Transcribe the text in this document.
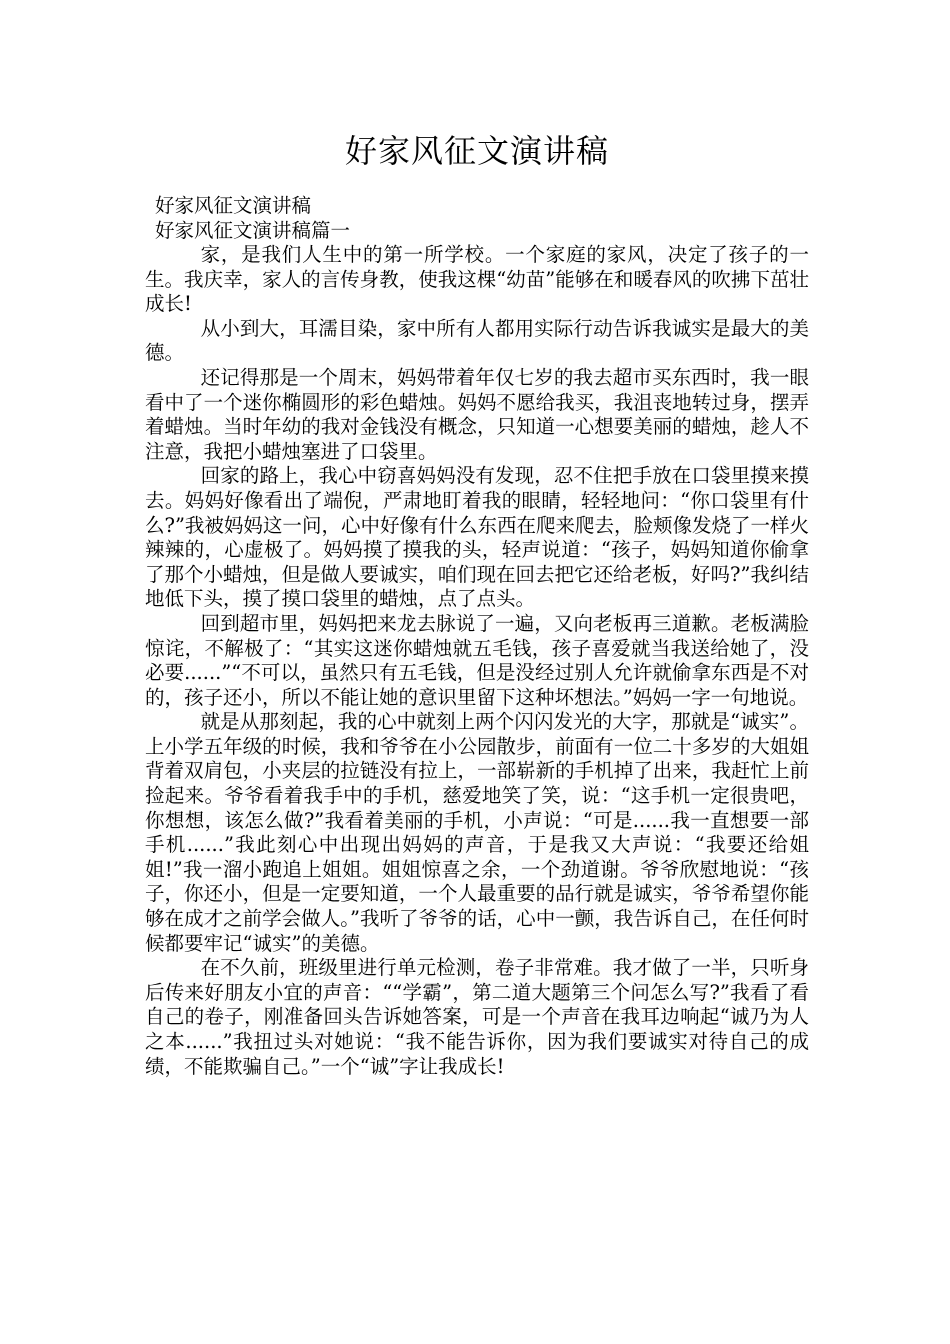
好家风征文演讲稿
好家风征文演讲稿
好家风征文演讲稿篇一

家，是我们人生中的第一所学校。一个家庭的家风，决定了孩子的一生。我庆幸，家人的言传身教，使我这棵“幼苗”能够在和暖春风的吹拂下茁壮成长!

从小到大，耳濡目染，家中所有人都用实际行动告诉我诚实是最大的美德。

还记得那是一个周末，妈妈带着年仅七岁的我去超市买东西时，我一眼看中了一个迷你椭圆形的彩色蜡烛。妈妈不愿给我买，我沮丧地转过身，摆弄着蜡烛。当时年幼的我对金钱没有概念，只知道一心想要美丽的蜡烛，趁人不注意，我把小蜡烛塞进了口袋里。

回家的路上，我心中窃喜妈妈没有发现，忍不住把手放在口袋里摸来摸去。妈妈好像看出了端倪，严肃地盯着我的眼睛，轻轻地问：“你口袋里有什么?”我被妈妈这一问，心中好像有什么东西在爬来爬去，脸颊像发烧了一样火辣辣的，心虚极了。妈妈摸了摸我的头，轻声说道：“孩子，妈妈知道你偷拿了那个小蜡烛，但是做人要诚实，咱们现在回去把它还给老板，好吗?”我纠结地低下头，摸了摸口袋里的蜡烛，点了点头。

回到超市里，妈妈把来龙去脉说了一遍，又向老板再三道歉。老板满脸惊诧，不解极了：“其实这迷你蜡烛就五毛钱，孩子喜爱就当我送给她了，没必要......”“不可以，虽然只有五毛钱，但是没经过别人允许就偷拿东西是不对的，孩子还小，所以不能让她的意识里留下这种坏想法。”妈妈一字一句地说。

就是从那刻起，我的心中就刻上两个闪闪发光的大字，那就是“诚实”。上小学五年级的时候，我和爷爷在小公园散步，前面有一位二十多岁的大姐姐背着双肩包，小夹层的拉链没有拉上，一部崭新的手机掉了出来，我赶忙上前捡起来。爷爷看着我手中的手机，慈爱地笑了笑，说：“这手机一定很贵吧，你想想，该怎么做?”我看着美丽的手机，小声说：“可是......我一直想要一部手机......”我此刻心中出现出妈妈的声音，于是我又大声说：“我要还给姐姐!”我一溜小跑追上姐姐。姐姐惊喜之余，一个劲道谢。爷爷欣慰地说：“孩子，你还小，但是一定要知道，一个人最重要的品行就是诚实，爷爷希望你能够在成才之前学会做人。”我听了爷爷的话，心中一颤，我告诉自己，在任何时候都要牢记“诚实”的美德。

在不久前，班级里进行单元检测，卷子非常难。我才做了一半，只听身后传来好朋友小宜的声音：““学霸”，第二道大题第三个问怎么写?”我看了看自己的卷子，刚准备回头告诉她答案，可是一个声音在我耳边响起“诚乃为人之本......”我扭过头对她说：“我不能告诉你，因为我们要诚实对待自己的成绩，不能欺骗自己。”一个“诚”字让我成长!
